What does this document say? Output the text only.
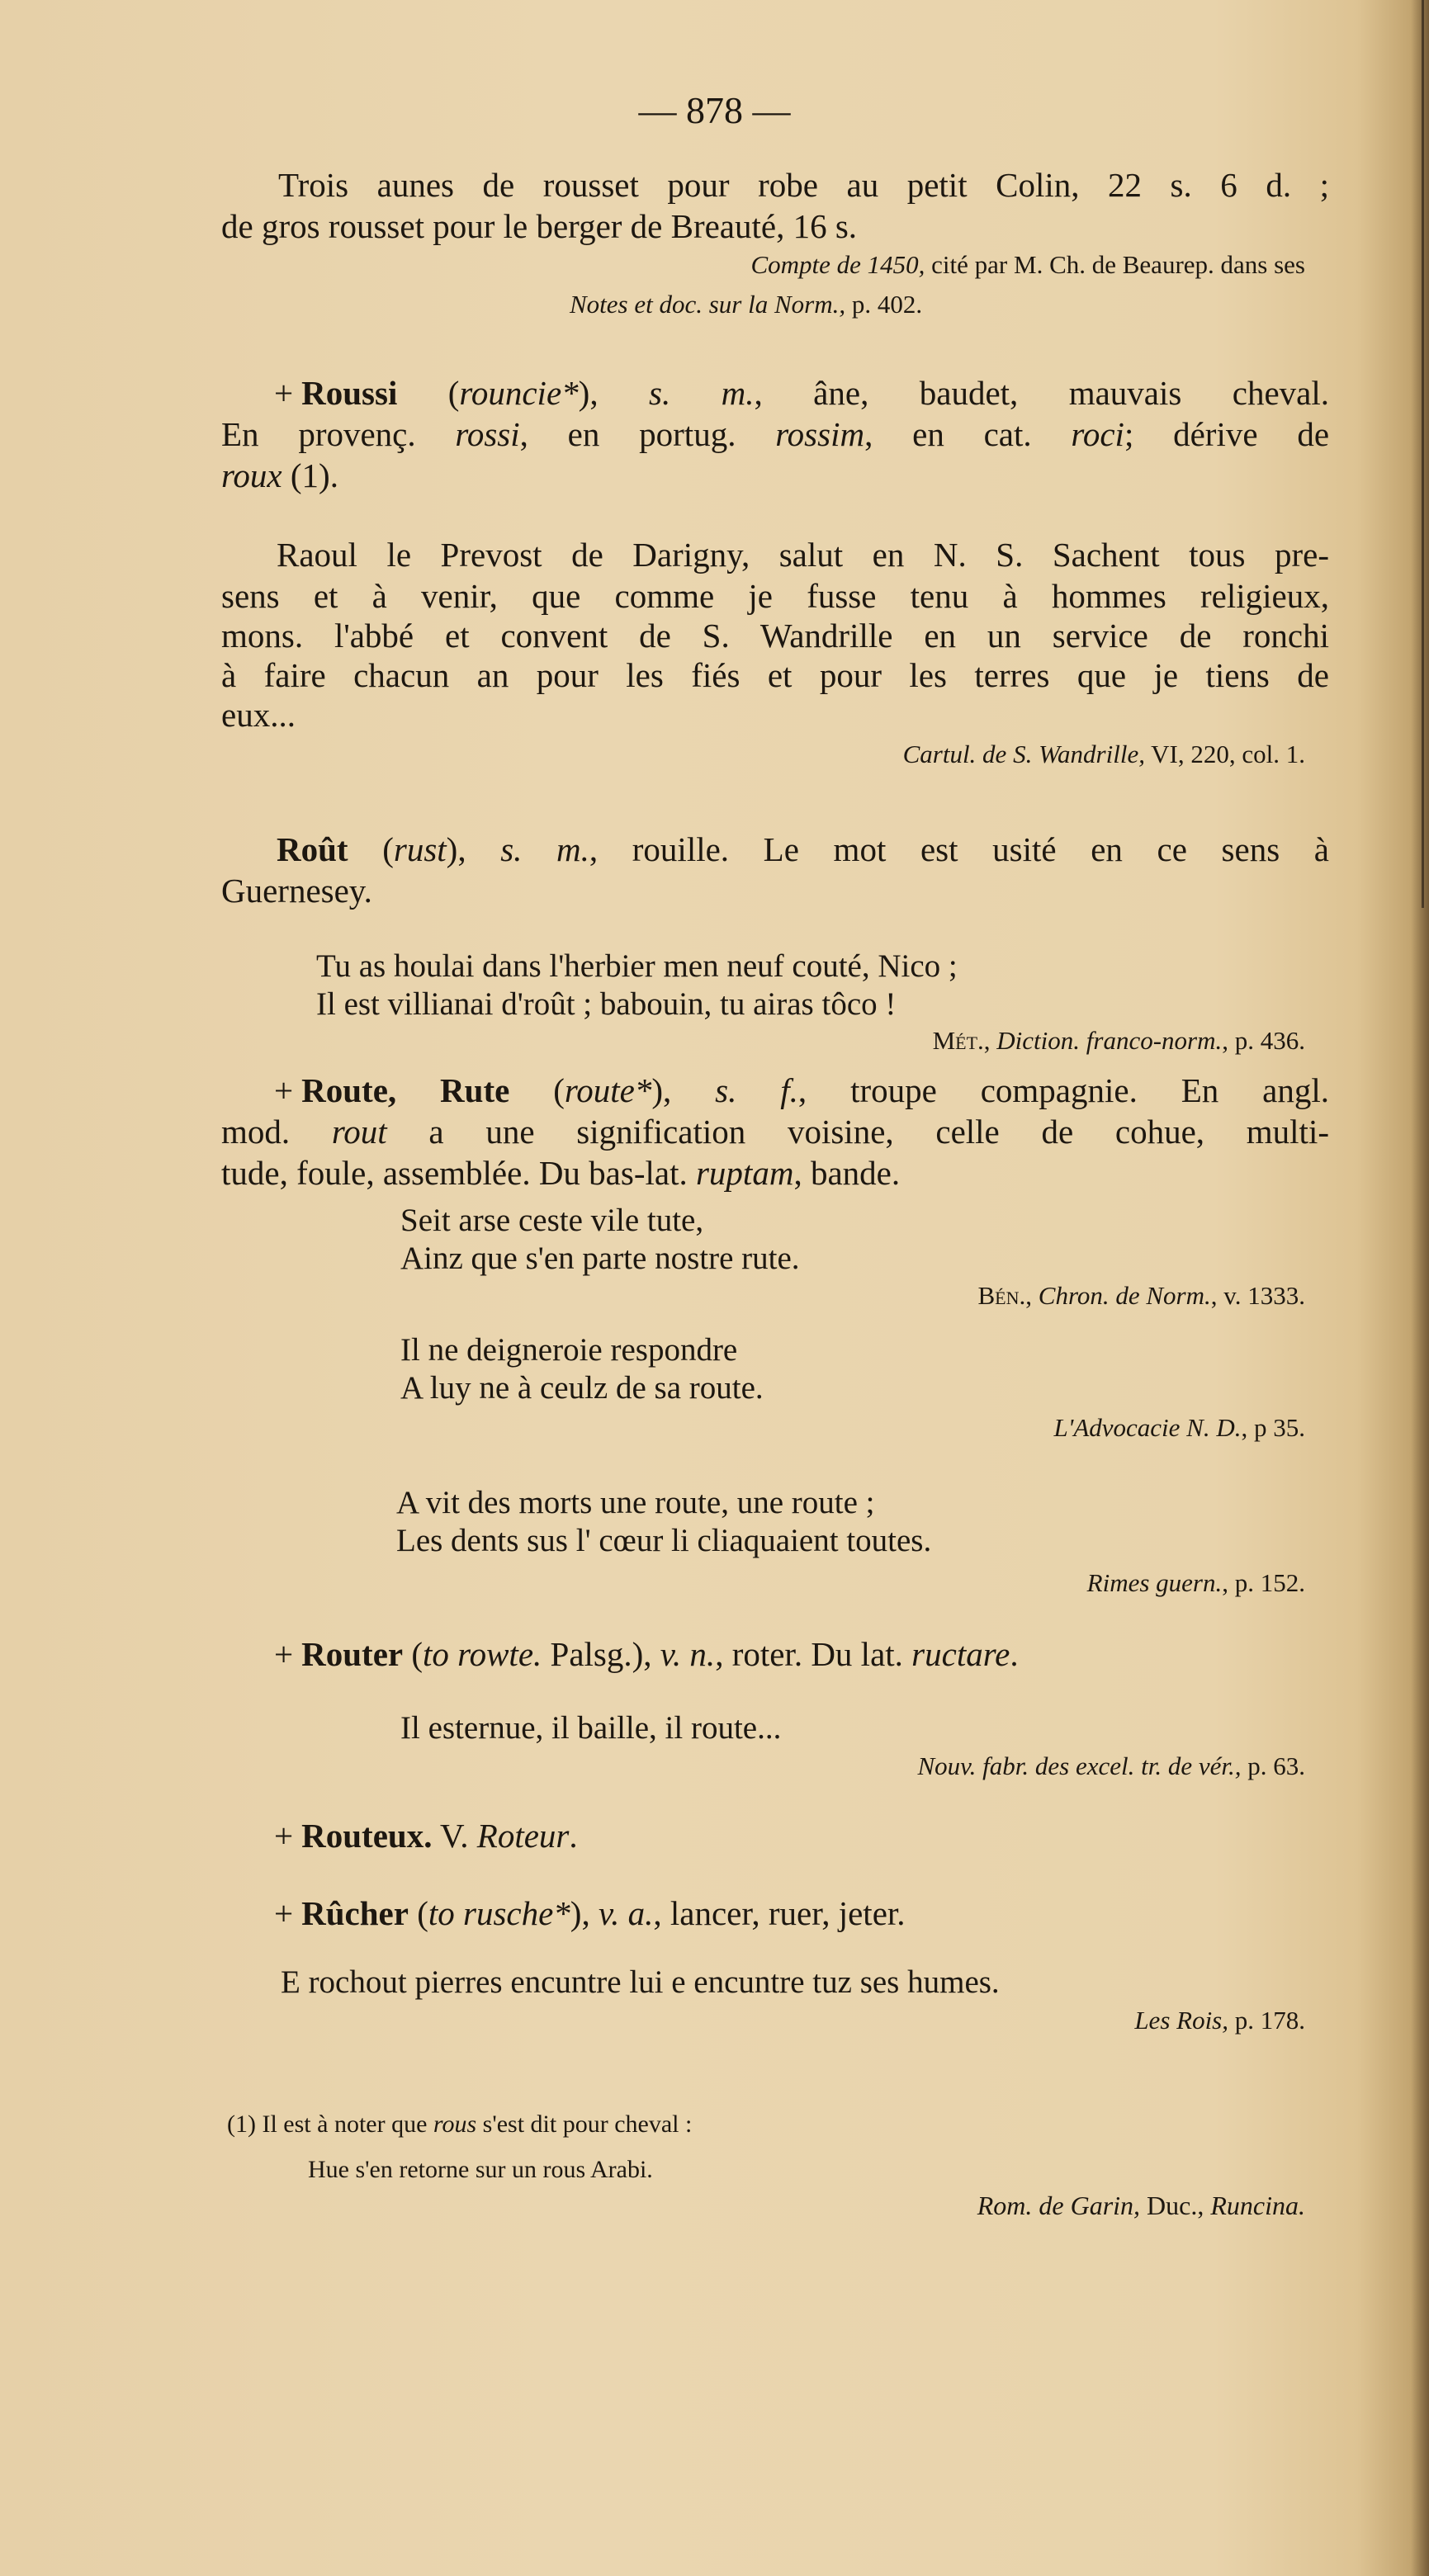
— 878 —
Trois aunes de rousset pour robe au petit Colin, 22 s. 6 d. ;
de gros rousset pour le berger de Breauté, 16 s.
Compte de 1450, cité par M. Ch. de Beaurep. dans ses
Notes et doc. sur la Norm., p. 402.
+ Roussi (rouncie*), s. m., âne, baudet, mauvais cheval.
En provenç. rossi, en portug. rossim, en cat. roci; dérive de
roux (1).
Raoul le Prevost de Darigny, salut en N. S. Sachent tous pre-
sens et à venir, que comme je fusse tenu à hommes religieux,
mons. l'abbé et convent de S. Wandrille en un service de ronchi
à faire chacun an pour les fiés et pour les terres que je tiens de
eux...
Cartul. de S. Wandrille, VI, 220, col. 1.
Roût (rust), s. m., rouille. Le mot est usité en ce sens à
Guernesey.
Tu as houlai dans l'herbier men neuf couté, Nico ;
Il est villianai d'roût ; babouin, tu airas tôco !
Mét., Diction. franco-norm., p. 436.
+ Route, Rute (route*), s. f., troupe compagnie. En angl.
mod. rout a une signification voisine, celle de cohue, multi-
tude, foule, assemblée. Du bas-lat. ruptam, bande.
Seit arse ceste vile tute,
Ainz que s'en parte nostre rute.
Bén., Chron. de Norm., v. 1333.
Il ne deigneroie respondre
A luy ne à ceulz de sa route.
L'Advocacie N. D., p 35.
A vit des morts une route, une route ;
Les dents sus l' cœur li cliaquaient toutes.
Rimes guern., p. 152.
+ Router (to rowte. Palsg.), v. n., roter. Du lat. ructare.
Il esternue, il baille, il route...
Nouv. fabr. des excel. tr. de vér., p. 63.
+ Routeux. V. Roteur.
+ Rûcher (to rusche*), v. a., lancer, ruer, jeter.
E rochout pierres encuntre lui e encuntre tuz ses humes.
Les Rois, p. 178.
(1) Il est à noter que rous s'est dit pour cheval :
Hue s'en retorne sur un rous Arabi.
Rom. de Garin, Duc., Runcina.
